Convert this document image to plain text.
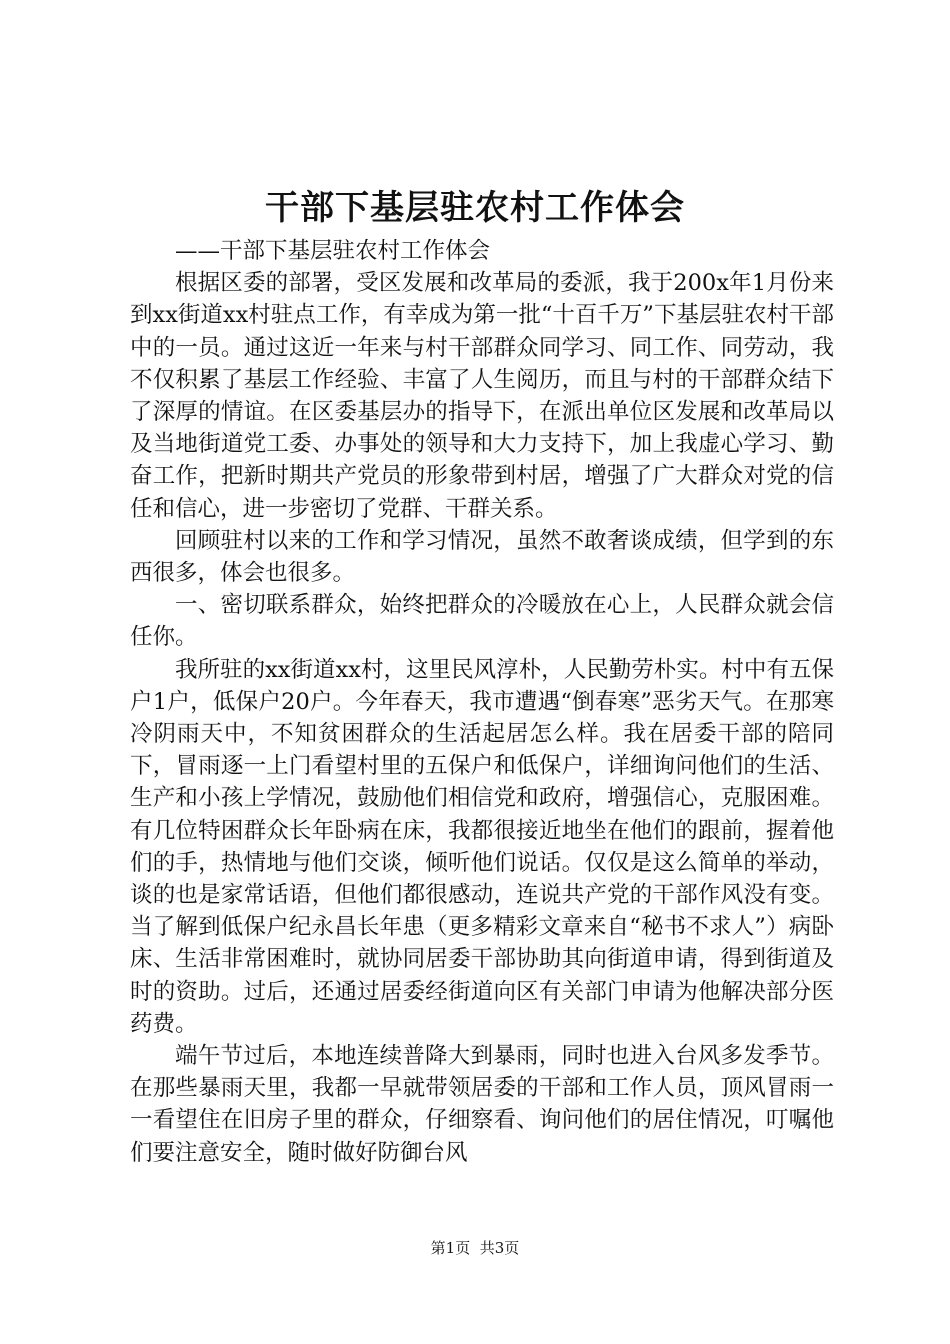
干部下基层驻农村工作体会

——干部下基层驻农村工作体会

根据区委的部署，受区发展和改革局的委派，我于200x年1月份来到xx街道xx村驻点工作，有幸成为第一批“十百千万”下基层驻农村干部中的一员。通过这近一年来与村干部群众同学习、同工作、同劳动，我不仅积累了基层工作经验、丰富了人生阅历，而且与村的干部群众结下了深厚的情谊。在区委基层办的指导下，在派出单位区发展和改革局以及当地街道党工委、办事处的领导和大力支持下，加上我虚心学习、勤奋工作，把新时期共产党员的形象带到村居，增强了广大群众对党的信任和信心，进一步密切了党群、干群关系。

回顾驻村以来的工作和学习情况，虽然不敢奢谈成绩，但学到的东西很多，体会也很多。

一、密切联系群众，始终把群众的冷暖放在心上，人民群众就会信任你。

我所驻的xx街道xx村，这里民风淳朴，人民勤劳朴实。村中有五保户1户，低保户20户。今年春天，我市遭遇“倒春寒”恶劣天气。在那寒冷阴雨天中，不知贫困群众的生活起居怎么样。我在居委干部的陪同下，冒雨逐一上门看望村里的五保户和低保户，详细询问他们的生活、生产和小孩上学情况，鼓励他们相信党和政府，增强信心，克服困难。有几位特困群众长年卧病在床，我都很接近地坐在他们的跟前，握着他们的手，热情地与他们交谈，倾听他们说话。仅仅是这么简单的举动，谈的也是家常话语，但他们都很感动，连说共产党的干部作风没有变。当了解到低保户纪永昌长年患（更多精彩文章来自“秘书不求人”）病卧床、生活非常困难时，就协同居委干部协助其向街道申请，得到街道及时的资助。过后，还通过居委经街道向区有关部门申请为他解决部分医药费。

端午节过后，本地连续普降大到暴雨，同时也进入台风多发季节。在那些暴雨天里，我都一早就带领居委的干部和工作人员，顶风冒雨一一看望住在旧房子里的群众，仔细察看、询问他们的居住情况，叮嘱他们要注意安全，随时做好防御台风

第1页 共3页
